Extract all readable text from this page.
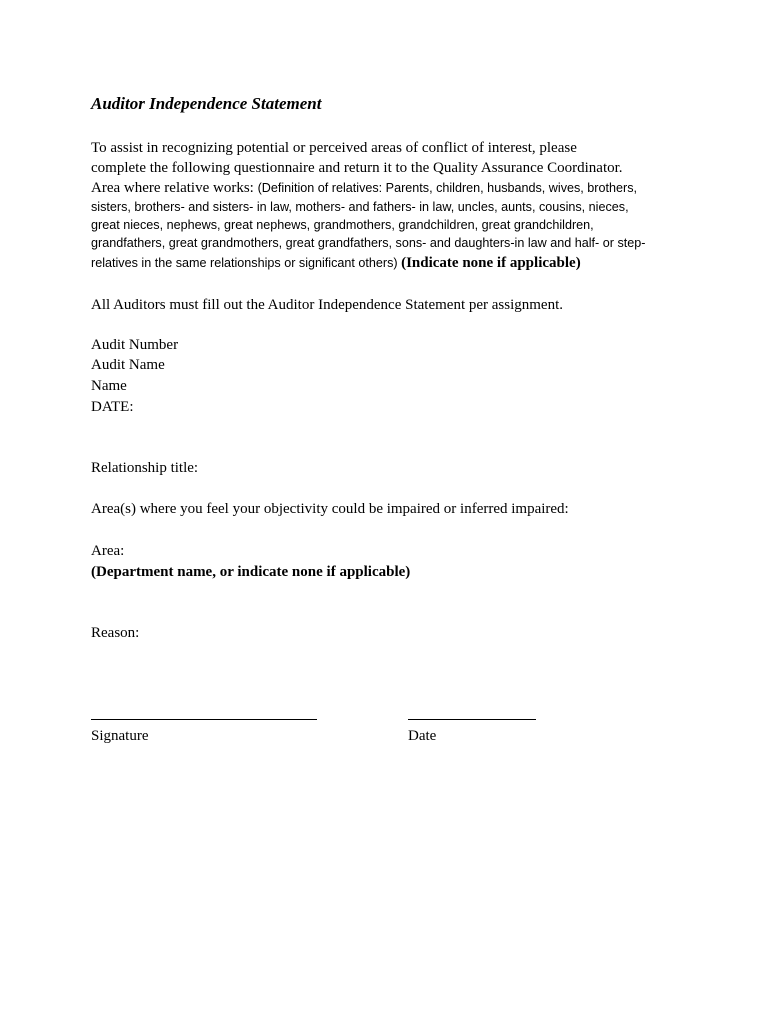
Auditor Independence Statement
To assist in recognizing potential or perceived areas of conflict of interest, please
complete the following questionnaire and return it to the Quality Assurance Coordinator.
Area where relative works: (Definition of relatives: Parents, children, husbands, wives, brothers,
sisters, brothers- and sisters- in law, mothers- and fathers- in law, uncles, aunts, cousins, nieces,
great nieces, nephews, great nephews, grandmothers, grandchildren, great grandchildren,
grandfathers, great grandmothers, great grandfathers, sons- and daughters-in law and half- or step-
relatives in the same relationships or significant others) (Indicate none if applicable)
All Auditors must fill out the Auditor Independence Statement per assignment.
Audit Number
Audit Name
Name
DATE:
Relationship title:
Area(s) where you feel your objectivity could be impaired or inferred impaired:
Area:
(Department name, or indicate none if applicable)
Reason:
Signature	Date
